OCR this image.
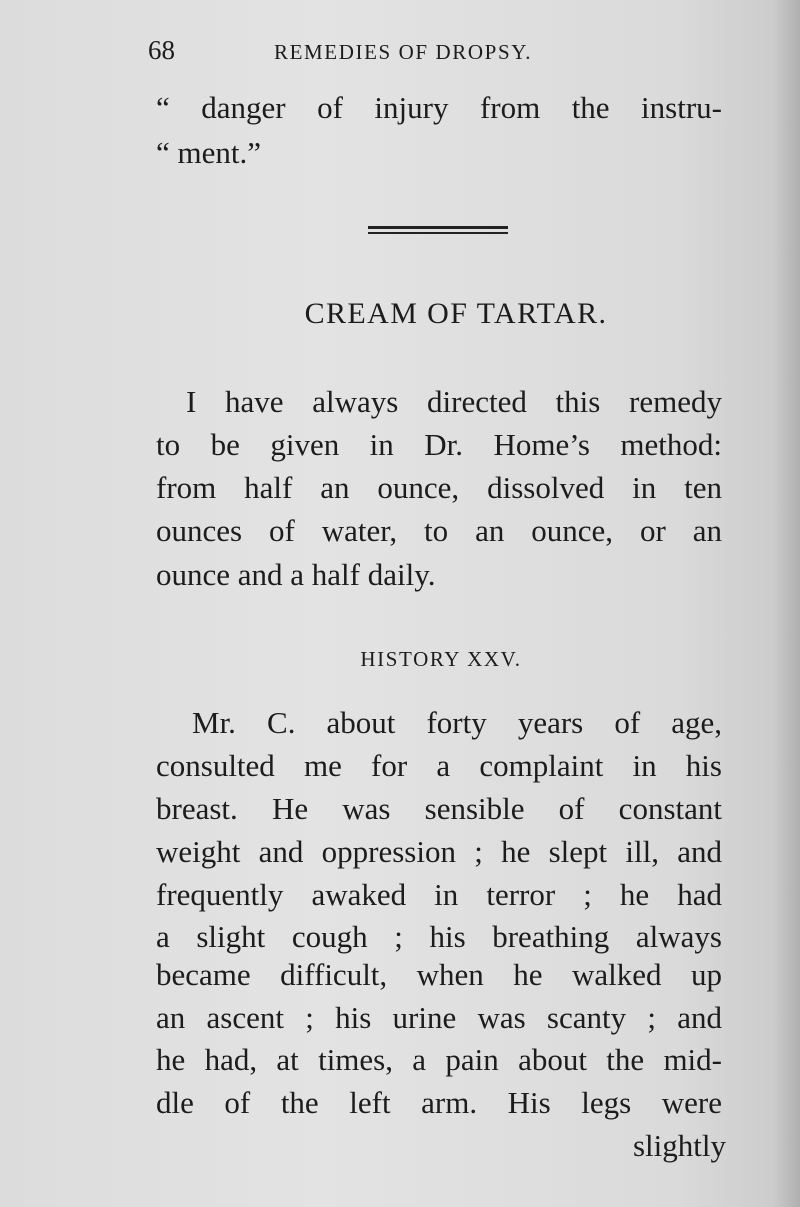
68	REMEDIES OF DROPSY.
“ danger of injury from the instru-
“ ment.”
CREAM OF TARTAR.
I have always directed this remedy
to be given in Dr. Home’s method:
from half an ounce, dissolved in ten
ounces of water, to an ounce, or an
ounce and a half daily.
HISTORY XXV.
Mr. C. about forty years of age,
consulted me for a complaint in his
breast. He was sensible of constant
weight and oppression ; he slept ill, and
frequently awaked in terror ; he had
a slight cough ; his breathing always
became difficult, when he walked up
an ascent ; his urine was scanty ; and
he had, at times, a pain about the mid-
dle of the left arm. His legs were
slightly
